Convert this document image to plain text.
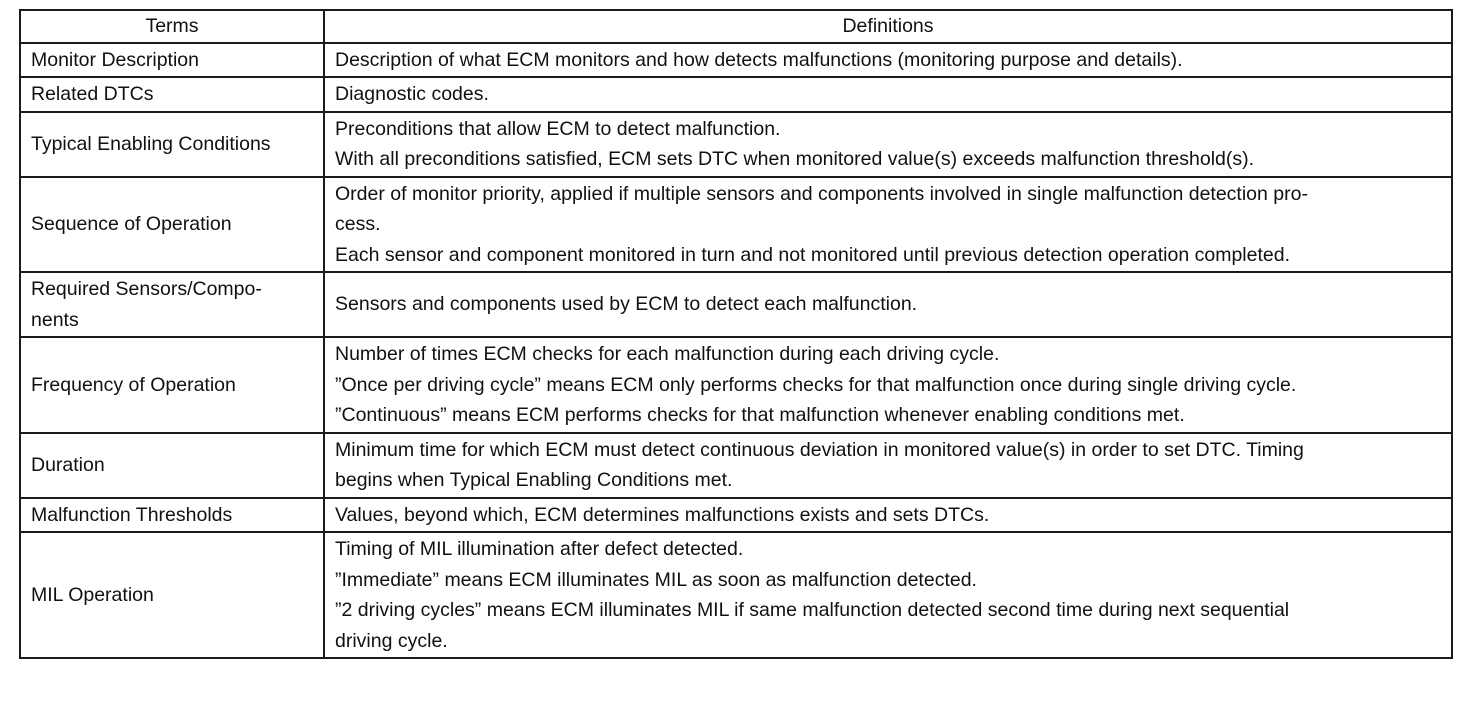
Terms	Definitions

Monitor Description	Description of what ECM monitors and how detects malfunctions (monitoring purpose and details).

Related DTCs	Diagnostic codes.

Typical Enabling Conditions	Preconditions that allow ECM to detect malfunction.
With all preconditions satisfied, ECM sets DTC when monitored value(s) exceeds malfunction threshold(s).

Sequence of Operation	Order of monitor priority, applied if multiple sensors and components involved in single malfunction detection pro-
cess.
Each sensor and component monitored in turn and not monitored until previous detection operation completed.

Required Sensors/Compo-
nents	Sensors and components used by ECM to detect each malfunction.

Frequency of Operation	Number of times ECM checks for each malfunction during each driving cycle.
”Once per driving cycle” means ECM only performs checks for that malfunction once during single driving cycle.
”Continuous” means ECM performs checks for that malfunction whenever enabling conditions met.

Duration	Minimum time for which ECM must detect continuous deviation in monitored value(s) in order to set DTC. Timing
begins when Typical Enabling Conditions met.

Malfunction Thresholds	Values, beyond which, ECM determines malfunctions exists and sets DTCs.

MIL Operation	Timing of MIL illumination after defect detected.
”Immediate” means ECM illuminates MIL as soon as malfunction detected.
”2 driving cycles” means ECM illuminates MIL if same malfunction detected second time during next sequential
driving cycle.
